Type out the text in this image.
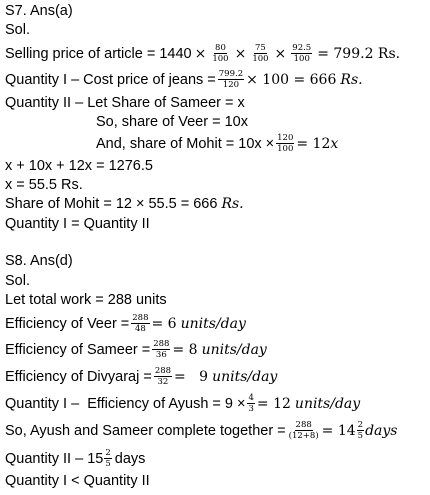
S7. Ans(a)
Sol.
Selling price of article = $1440 \times \frac{80}{100} \times \frac{75}{100} \times \frac{92.5}{100} = 799.2$ Rs.
Quantity I – Cost price of jeans = $\frac{799.2}{120} \times 100 = 666$
Rs.
Quantity II – Let Share of Sameer = x
So, share of Veer = 10x
And, share of Mohit = $10x \times \frac{120}{100} = 12$ x
x + 10x + 12x = 1276.5
x = 55.5 Rs.
Share of Mohit = 12 × 55.5 = 666
Rs.
Quantity I = Quantity II
S8. Ans(d)
Sol.
Let total work = 288 units
Efficiency of Veer = $\frac{288}{48} = 6$
units/day
Efficiency of Sameer = $\frac{288}{36} = 8$
units/day
Efficiency of Divyaraj = $\frac{288}{32} = 9$
units/day
Quantity I –  Efficiency of Ayush = $9 \times \frac{4}{3} = 12$
units/day
So, Ayush and Sameer complete together = $\frac{288}{(12+8)} = 14 \frac{2}{5}$ days
Quantity II – $15 \frac{2}{5}$ days
Quantity I < Quantity II
